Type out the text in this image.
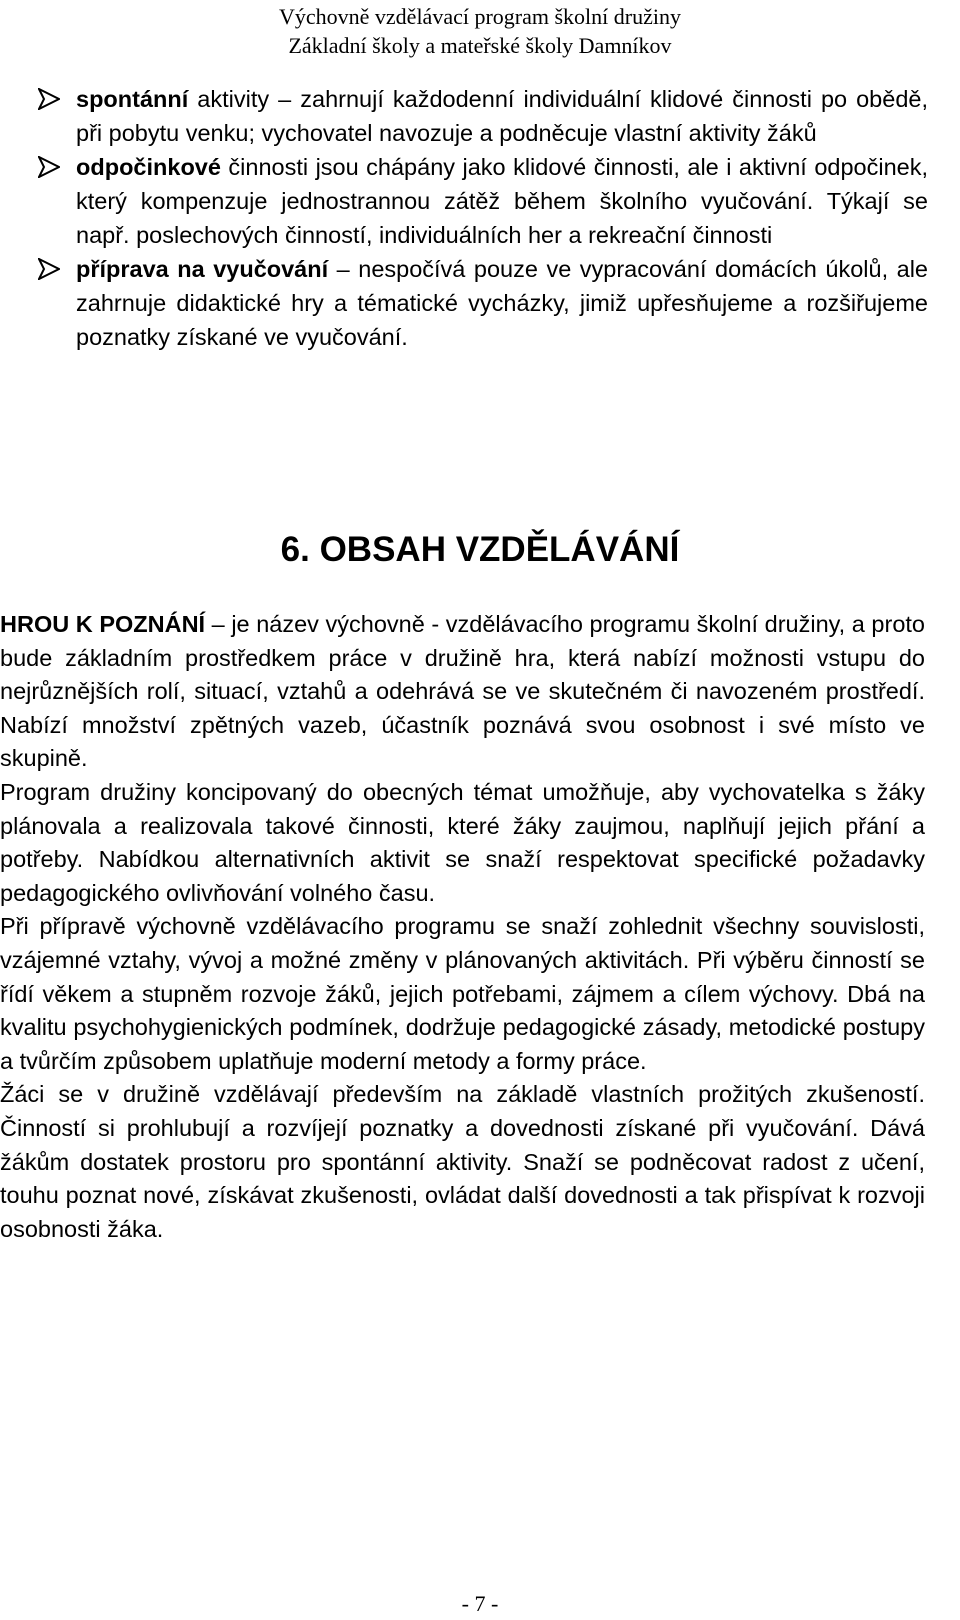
Výchovně vzdělávací program školní družiny
Základní školy a mateřské školy Damníkov
spontánní aktivity – zahrnují každodenní individuální klidové činnosti po obědě, při pobytu venku; vychovatel navozuje a podněcuje vlastní aktivity žáků
odpočinkové činnosti jsou chápány jako klidové činnosti, ale i aktivní odpočinek, který kompenzuje jednostrannou zátěž během školního vyučování. Týkají se např. poslechových činností, individuálních her a rekreační činnosti
příprava na vyučování – nespočívá pouze ve vypracování domácích úkolů, ale zahrnuje didaktické hry a tématické vycházky, jimiž upřesňujeme a rozšiřujeme poznatky získané ve vyučování.
6. OBSAH VZDĚLÁVÁNÍ

HROU K POZNÁNÍ – je název výchovně - vzdělávacího programu školní družiny, a proto bude základním prostředkem práce v družině hra, která nabízí možnosti vstupu do nejrůznějších rolí, situací, vztahů a odehrává se ve skutečném či navozeném prostředí. Nabízí množství zpětných vazeb, účastník poznává svou osobnost i své místo ve skupině.

Program družiny koncipovaný do obecných témat umožňuje, aby vychovatelka s žáky plánovala a realizovala takové činnosti, které žáky zaujmou, naplňují jejich přání a potřeby. Nabídkou alternativních aktivit se snaží respektovat specifické požadavky pedagogického ovlivňování volného času.

Při přípravě výchovně vzdělávacího programu se snaží zohlednit všechny souvislosti, vzájemné vztahy, vývoj a možné změny v plánovaných aktivitách. Při výběru činností se řídí věkem a stupněm rozvoje žáků, jejich potřebami, zájmem a cílem výchovy. Dbá na kvalitu psychohygienických podmínek, dodržuje pedagogické zásady, metodické postupy a tvůrčím způsobem uplatňuje moderní metody a formy práce.

Žáci se v družině vzdělávají především na základě vlastních prožitých zkušeností. Činností si prohlubují a rozvíjejí poznatky a dovednosti získané při vyučování. Dává žákům dostatek prostoru pro spontánní aktivity. Snaží se podněcovat radost z učení, touhu poznat nové, získávat zkušenosti, ovládat další dovednosti a tak přispívat k rozvoji osobnosti žáka.

- 7 -
